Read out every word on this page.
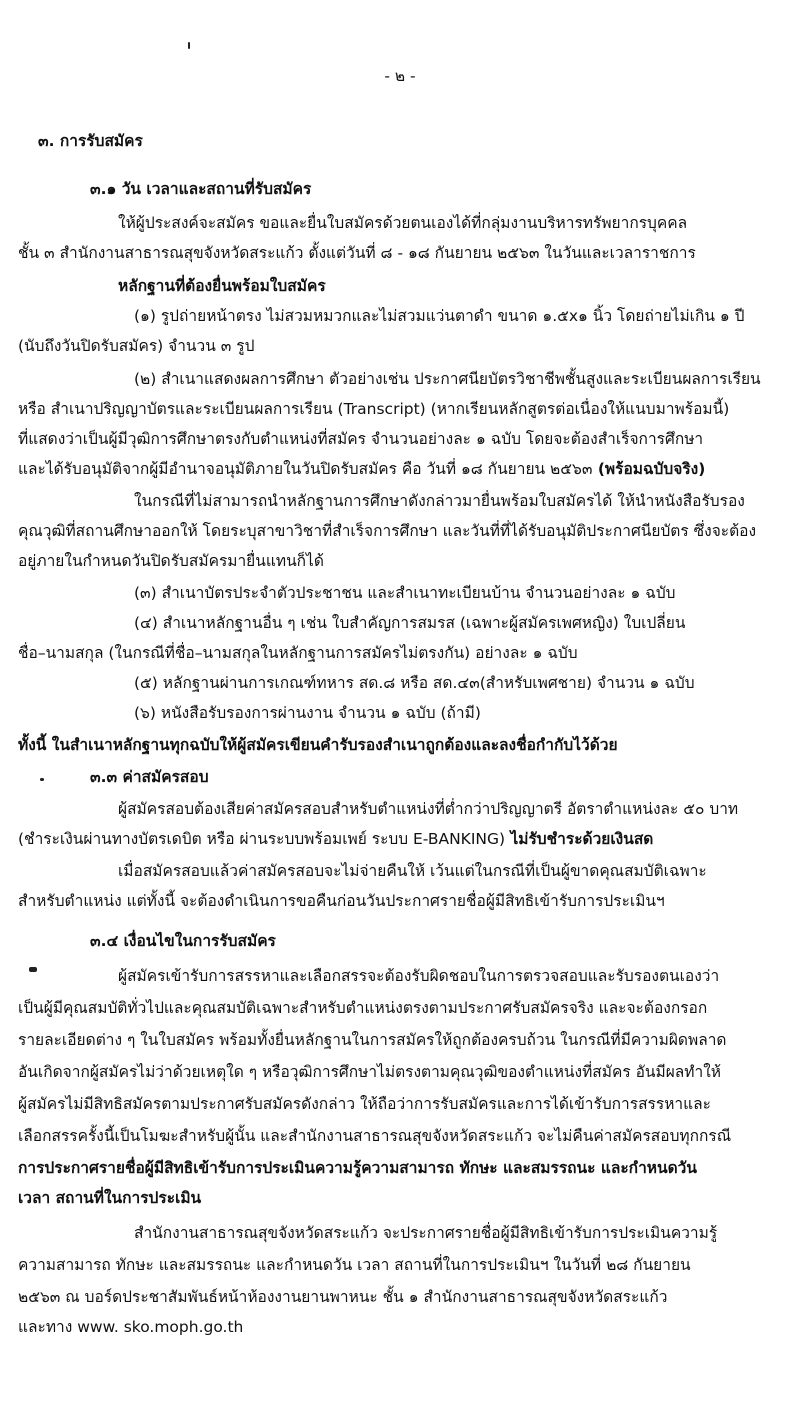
- ๒ -
๓. การรับสมัคร
๓.๑ วัน เวลาและสถานที่รับสมัคร
ให้ผู้ประสงค์จะสมัคร ขอและยื่นใบสมัครด้วยตนเองได้ที่กลุ่มงานบริหารทรัพยากรบุคคล
ชั้น ๓ สำนักงานสาธารณสุขจังหวัดสระแก้ว ตั้งแต่วันที่ ๘ - ๑๘ กันยายน ๒๕๖๓ ในวันและเวลาราชการ
หลักฐานที่ต้องยื่นพร้อมใบสมัคร
(๑) รูปถ่ายหน้าตรง ไม่สวมหมวกและไม่สวมแว่นตาดำ ขนาด ๑.๕x๑ นิ้ว โดยถ่ายไม่เกิน ๑ ปี
(นับถึงวันปิดรับสมัคร) จำนวน ๓ รูป
(๒) สำเนาแสดงผลการศึกษา ตัวอย่างเช่น ประกาศนียบัตรวิชาชีพชั้นสูงและระเบียนผลการเรียน
หรือ สำเนาปริญญาบัตรและระเบียนผลการเรียน (Transcript) (หากเรียนหลักสูตรต่อเนื่องให้แนบมาพร้อมนี้)
ที่แสดงว่าเป็นผู้มีวุฒิการศึกษาตรงกับตำแหน่งที่สมัคร จำนวนอย่างละ ๑ ฉบับ โดยจะต้องสำเร็จการศึกษา
และได้รับอนุมัติจากผู้มีอำนาจอนุมัติภายในวันปิดรับสมัคร คือ วันที่ ๑๘ กันยายน ๒๕๖๓ (พร้อมฉบับจริง)
ในกรณีที่ไม่สามารถนำหลักฐานการศึกษาดังกล่าวมายื่นพร้อมใบสมัครได้ ให้นำหนังสือรับรอง
คุณวุฒิที่สถานศึกษาออกให้ โดยระบุสาขาวิชาที่สำเร็จการศึกษา และวันที่ที่ได้รับอนุมัติประกาศนียบัตร ซึ่งจะต้อง
อยู่ภายในกำหนดวันปิดรับสมัครมายื่นแทนก็ได้
(๓) สำเนาบัตรประจำตัวประชาชน และสำเนาทะเบียนบ้าน จำนวนอย่างละ ๑ ฉบับ
(๔) สำเนาหลักฐานอื่น ๆ เช่น ใบสำคัญการสมรส (เฉพาะผู้สมัครเพศหญิง) ใบเปลี่ยน
ชื่อ–นามสกุล (ในกรณีที่ชื่อ–นามสกุลในหลักฐานการสมัครไม่ตรงกัน) อย่างละ ๑ ฉบับ
(๕) หลักฐานผ่านการเกณฑ์ทหาร สด.๘ หรือ สด.๔๓(สำหรับเพศชาย) จำนวน ๑ ฉบับ
(๖) หนังสือรับรองการผ่านงาน จำนวน ๑ ฉบับ (ถ้ามี)
ทั้งนี้ ในสำเนาหลักฐานทุกฉบับให้ผู้สมัครเขียนคำรับรองสำเนาถูกต้องและลงชื่อกำกับไว้ด้วย
๓.๓ ค่าสมัครสอบ
ผู้สมัครสอบต้องเสียค่าสมัครสอบสำหรับตำแหน่งที่ต่ำกว่าปริญญาตรี อัตราตำแหน่งละ ๕๐ บาท
(ชำระเงินผ่านทางบัตรเดบิต หรือ ผ่านระบบพร้อมเพย์ ระบบ E-BANKING) ไม่รับชำระด้วยเงินสด
เมื่อสมัครสอบแล้วค่าสมัครสอบจะไม่จ่ายคืนให้ เว้นแต่ในกรณีที่เป็นผู้ขาดคุณสมบัติเฉพาะ
สำหรับตำแหน่ง แต่ทั้งนี้ จะต้องดำเนินการขอคืนก่อนวันประกาศรายชื่อผู้มีสิทธิเข้ารับการประเมินฯ
๓.๔ เงื่อนไขในการรับสมัคร
ผู้สมัครเข้ารับการสรรหาและเลือกสรรจะต้องรับผิดชอบในการตรวจสอบและรับรองตนเองว่า
เป็นผู้มีคุณสมบัติทั่วไปและคุณสมบัติเฉพาะสำหรับตำแหน่งตรงตามประกาศรับสมัครจริง และจะต้องกรอก
รายละเอียดต่าง ๆ ในใบสมัคร พร้อมทั้งยื่นหลักฐานในการสมัครให้ถูกต้องครบถ้วน ในกรณีที่มีความผิดพลาด
อันเกิดจากผู้สมัครไม่ว่าด้วยเหตุใด ๆ หรือวุฒิการศึกษาไม่ตรงตามคุณวุฒิของตำแหน่งที่สมัคร อันมีผลทำให้
ผู้สมัครไม่มีสิทธิสมัครตามประกาศรับสมัครดังกล่าว ให้ถือว่าการรับสมัครและการได้เข้ารับการสรรหาและ
เลือกสรรครั้งนี้เป็นโมฆะสำหรับผู้นั้น และสำนักงานสาธารณสุขจังหวัดสระแก้ว จะไม่คืนค่าสมัครสอบทุกกรณี
การประกาศรายชื่อผู้มีสิทธิเข้ารับการประเมินความรู้ความสามารถ ทักษะ และสมรรถนะ และกำหนดวัน
เวลา สถานที่ในการประเมิน
สำนักงานสาธารณสุขจังหวัดสระแก้ว จะประกาศรายชื่อผู้มีสิทธิเข้ารับการประเมินความรู้
ความสามารถ ทักษะ และสมรรถนะ และกำหนดวัน เวลา สถานที่ในการประเมินฯ ในวันที่ ๒๘ กันยายน
๒๕๖๓ ณ บอร์ดประชาสัมพันธ์หน้าห้องงานยานพาหนะ ชั้น ๑ สำนักงานสาธารณสุขจังหวัดสระแก้ว
และทาง www. sko.moph.go.th
